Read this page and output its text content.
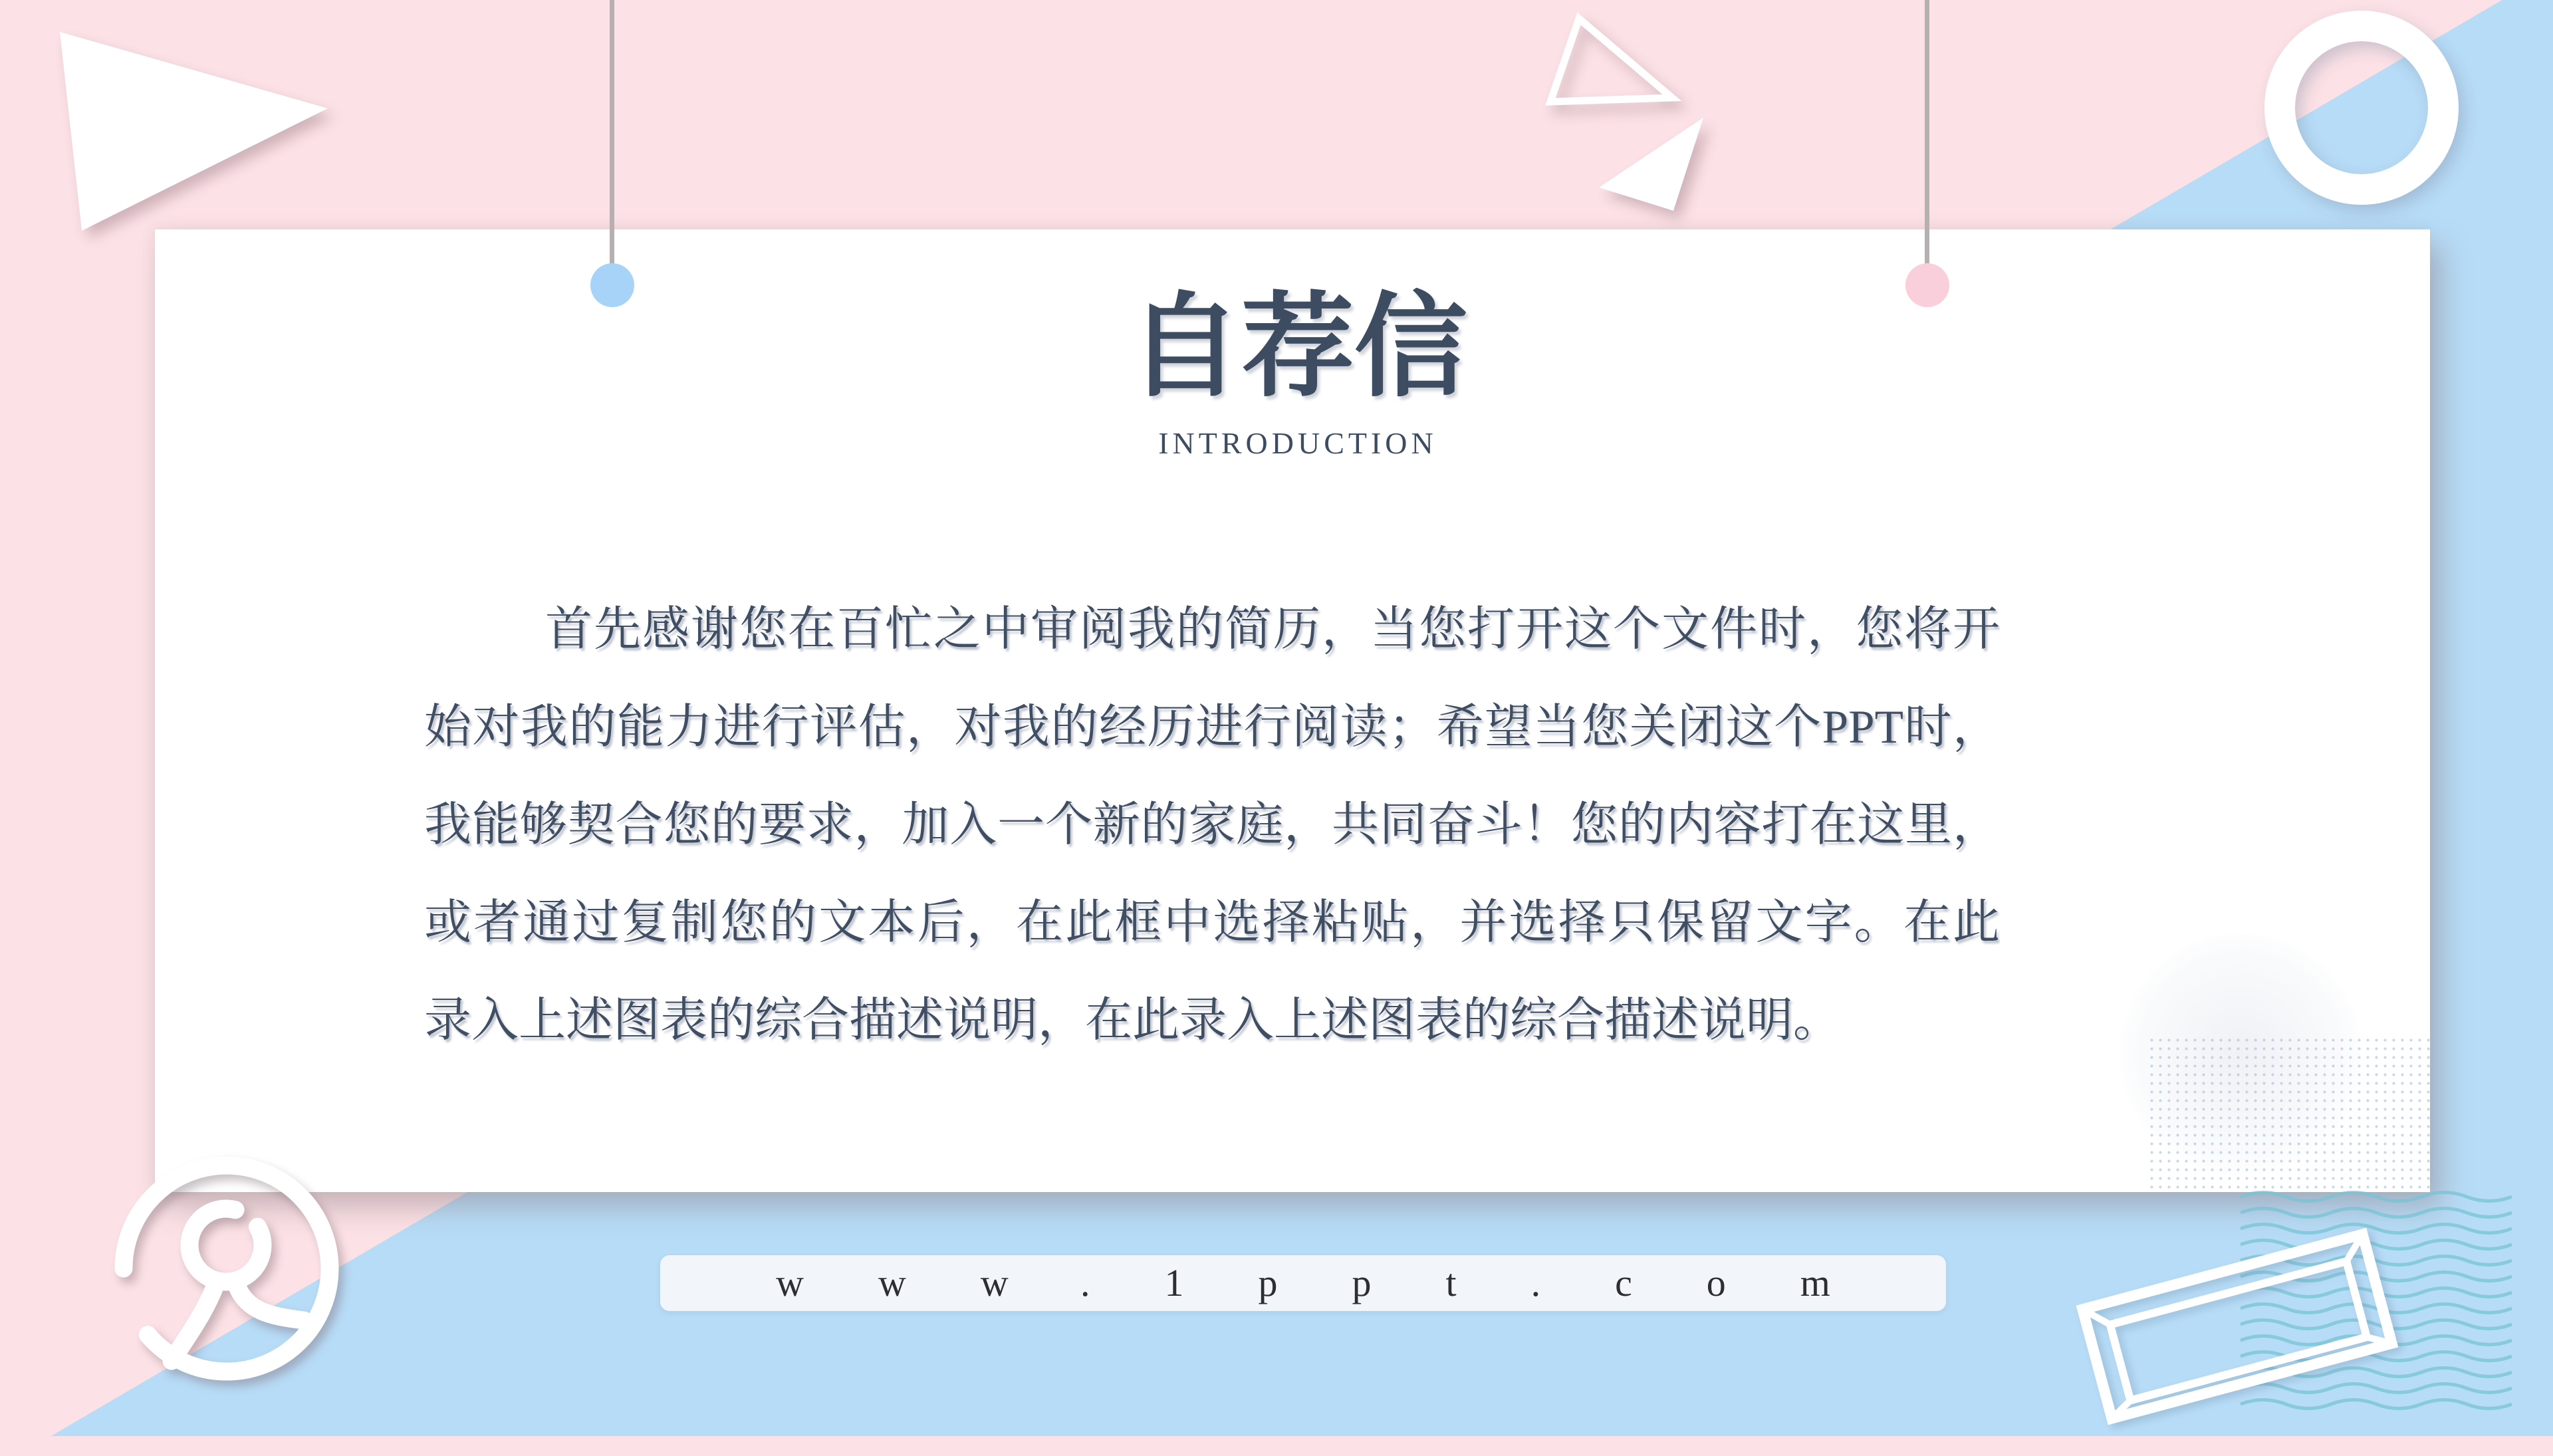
自荐信
INTRODUCTION
首先感谢您在百忙之中审阅我的简历，当您打开这个文件时，您将开
始对我的能力进行评估，对我的经历进行阅读；希望当您关闭这个PPT时，
我能够契合您的要求，加入一个新的家庭，共同奋斗！您的内容打在这里，
或者通过复制您的文本后，在此框中选择粘贴，并选择只保留文字。在此
录入上述图表的综合描述说明，在此录入上述图表的综合描述说明。
www.1ppt.com
